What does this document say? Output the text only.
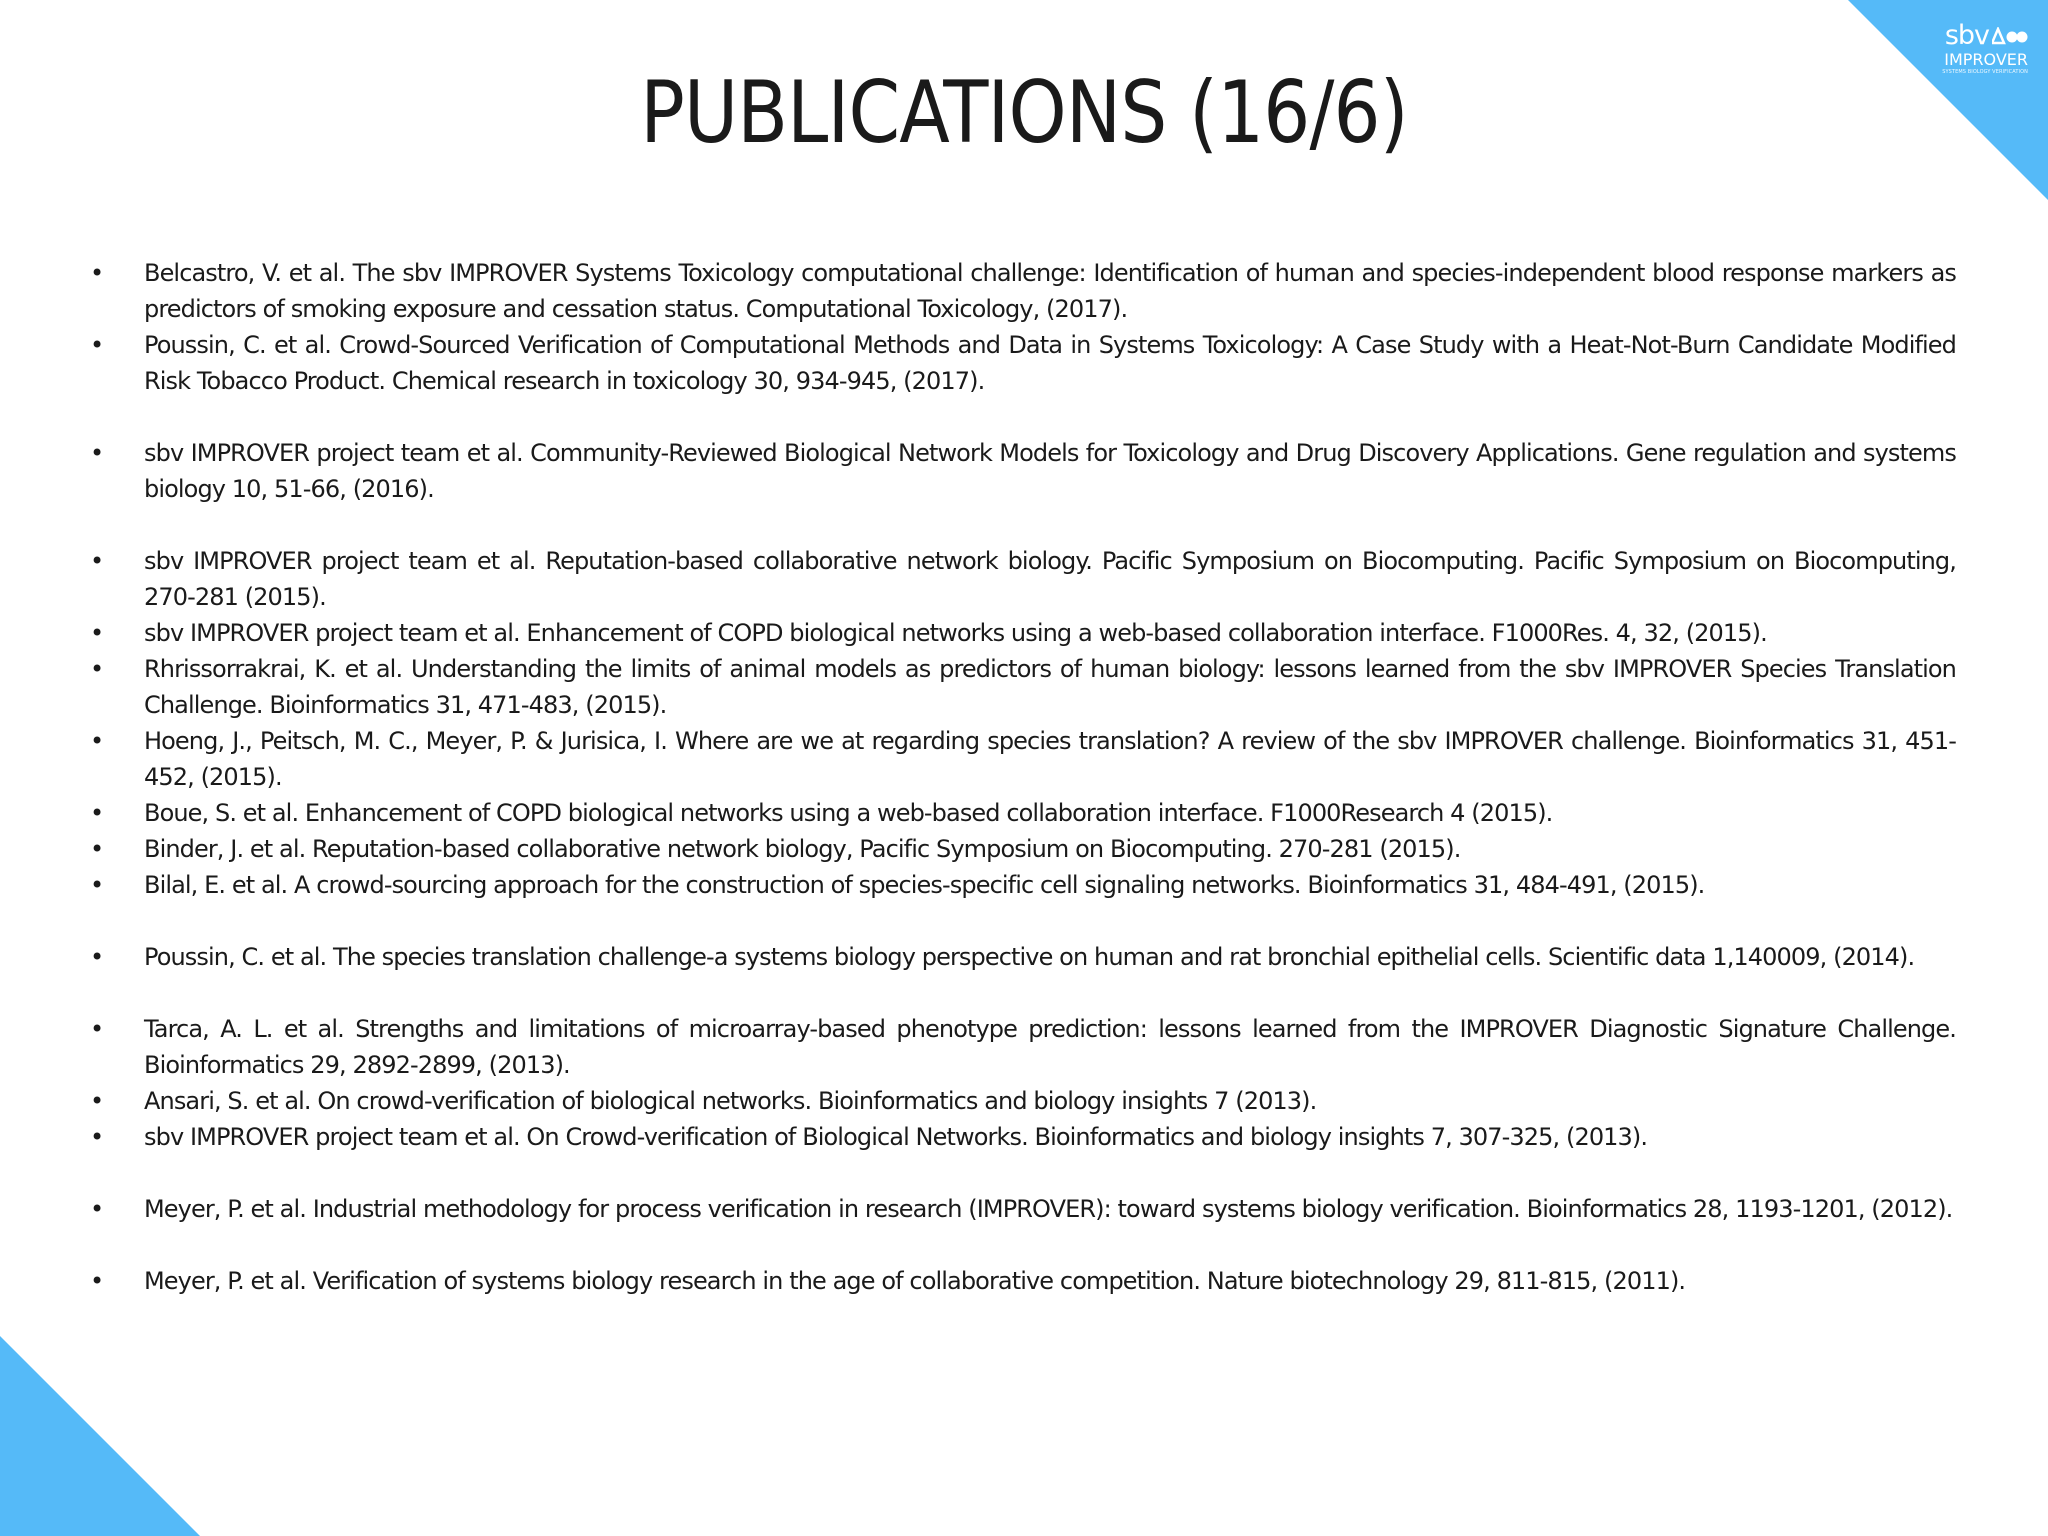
sbv
IMPROVER
SYSTEMS BIOLOGY VERIFICATION
PUBLICATIONS (16/6)
• Belcastro, V. et al. The sbv IMPROVER Systems Toxicology computational challenge: Identification of human and species-independent blood response markers as predictors of smoking exposure and cessation status. Computational Toxicology, (2017).
• Poussin, C. et al. Crowd-Sourced Verification of Computational Methods and Data in Systems Toxicology: A Case Study with a Heat-Not-Burn Candidate Modified Risk Tobacco Product. Chemical research in toxicology 30, 934-945, (2017).
• sbv IMPROVER project team et al. Community-Reviewed Biological Network Models for Toxicology and Drug Discovery Applications. Gene regulation and systems biology 10, 51-66, (2016).
• sbv IMPROVER project team et al. Reputation-based collaborative network biology. Pacific Symposium on Biocomputing. Pacific Symposium on Biocomputing, 270-281 (2015).
• sbv IMPROVER project team et al. Enhancement of COPD biological networks using a web-based collaboration interface. F1000Res. 4, 32, (2015).
• Rhrissorrakrai, K. et al. Understanding the limits of animal models as predictors of human biology: lessons learned from the sbv IMPROVER Species Translation Challenge. Bioinformatics 31, 471-483, (2015).
• Hoeng, J., Peitsch, M. C., Meyer, P. & Jurisica, I. Where are we at regarding species translation? A review of the sbv IMPROVER challenge. Bioinformatics 31, 451-452, (2015).
• Boue, S. et al. Enhancement of COPD biological networks using a web-based collaboration interface. F1000Research 4 (2015).
• Binder, J. et al. Reputation-based collaborative network biology, Pacific Symposium on Biocomputing. 270-281 (2015).
• Bilal, E. et al. A crowd-sourcing approach for the construction of species-specific cell signaling networks. Bioinformatics 31, 484-491, (2015).
• Poussin, C. et al. The species translation challenge-a systems biology perspective on human and rat bronchial epithelial cells. Scientific data 1,140009, (2014).
• Tarca, A. L. et al. Strengths and limitations of microarray-based phenotype prediction: lessons learned from the IMPROVER Diagnostic Signature Challenge. Bioinformatics 29, 2892-2899, (2013).
• Ansari, S. et al. On crowd-verification of biological networks. Bioinformatics and biology insights 7 (2013).
• sbv IMPROVER project team et al. On Crowd-verification of Biological Networks. Bioinformatics and biology insights 7, 307-325, (2013).
• Meyer, P. et al. Industrial methodology for process verification in research (IMPROVER): toward systems biology verification. Bioinformatics 28, 1193-1201, (2012).
• Meyer, P. et al. Verification of systems biology research in the age of collaborative competition. Nature biotechnology 29, 811-815, (2011).
